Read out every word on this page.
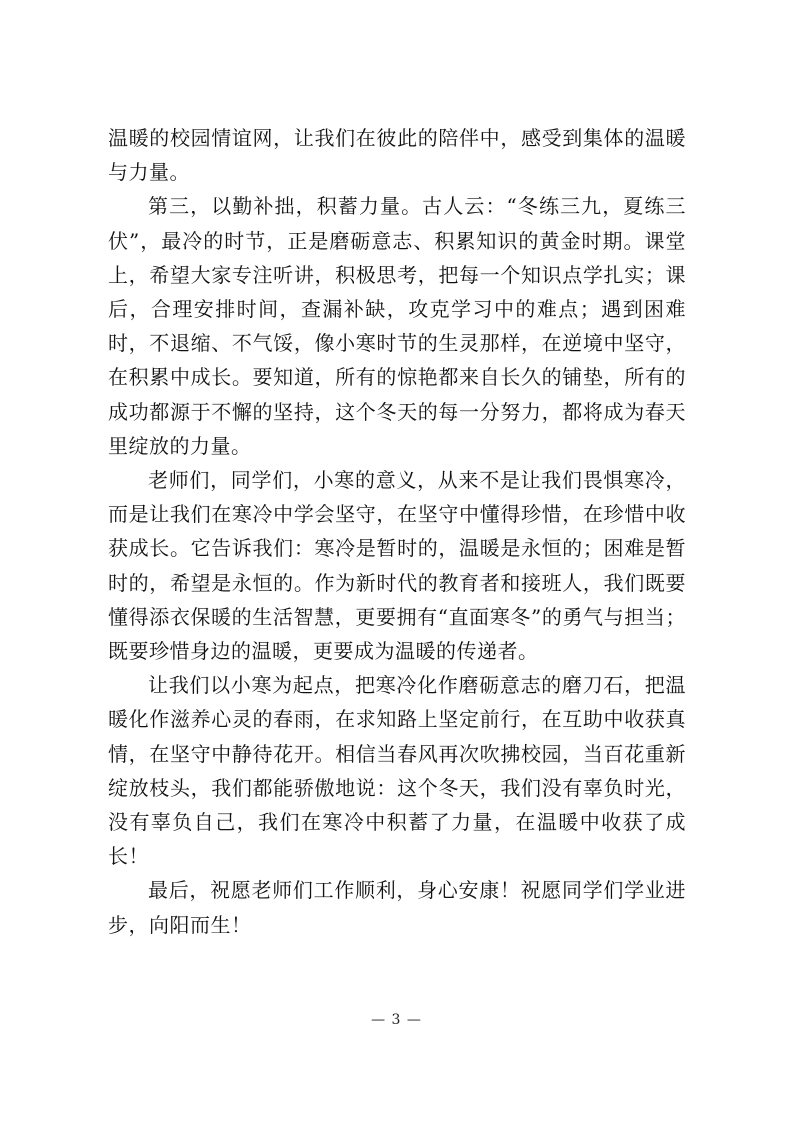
温暖的校园情谊网，让我们在彼此的陪伴中，感受到集体的温暖与力量。

第三，以勤补拙，积蓄力量。古人云：“冬练三九，夏练三伏”，最冷的时节，正是磨砺意志、积累知识的黄金时期。课堂上，希望大家专注听讲，积极思考，把每一个知识点学扎实；课后，合理安排时间，查漏补缺，攻克学习中的难点；遇到困难时，不退缩、不气馁，像小寒时节的生灵那样，在逆境中坚守，在积累中成长。要知道，所有的惊艳都来自长久的铺垫，所有的成功都源于不懈的坚持，这个冬天的每一分努力，都将成为春天里绽放的力量。

老师们，同学们，小寒的意义，从来不是让我们畏惧寒冷，而是让我们在寒冷中学会坚守，在坚守中懂得珍惜，在珍惜中收获成长。它告诉我们：寒冷是暂时的，温暖是永恒的；困难是暂时的，希望是永恒的。作为新时代的教育者和接班人，我们既要懂得添衣保暖的生活智慧，更要拥有“直面寒冬”的勇气与担当；既要珍惜身边的温暖，更要成为温暖的传递者。

让我们以小寒为起点，把寒冷化作磨砺意志的磨刀石，把温暖化作滋养心灵的春雨，在求知路上坚定前行，在互助中收获真情，在坚守中静待花开。相信当春风再次吹拂校园，当百花重新绽放枝头，我们都能骄傲地说：这个冬天，我们没有辜负时光，没有辜负自己，我们在寒冷中积蓄了力量，在温暖中收获了成长！

最后，祝愿老师们工作顺利，身心安康！祝愿同学们学业进步，向阳而生！

— 3 —
